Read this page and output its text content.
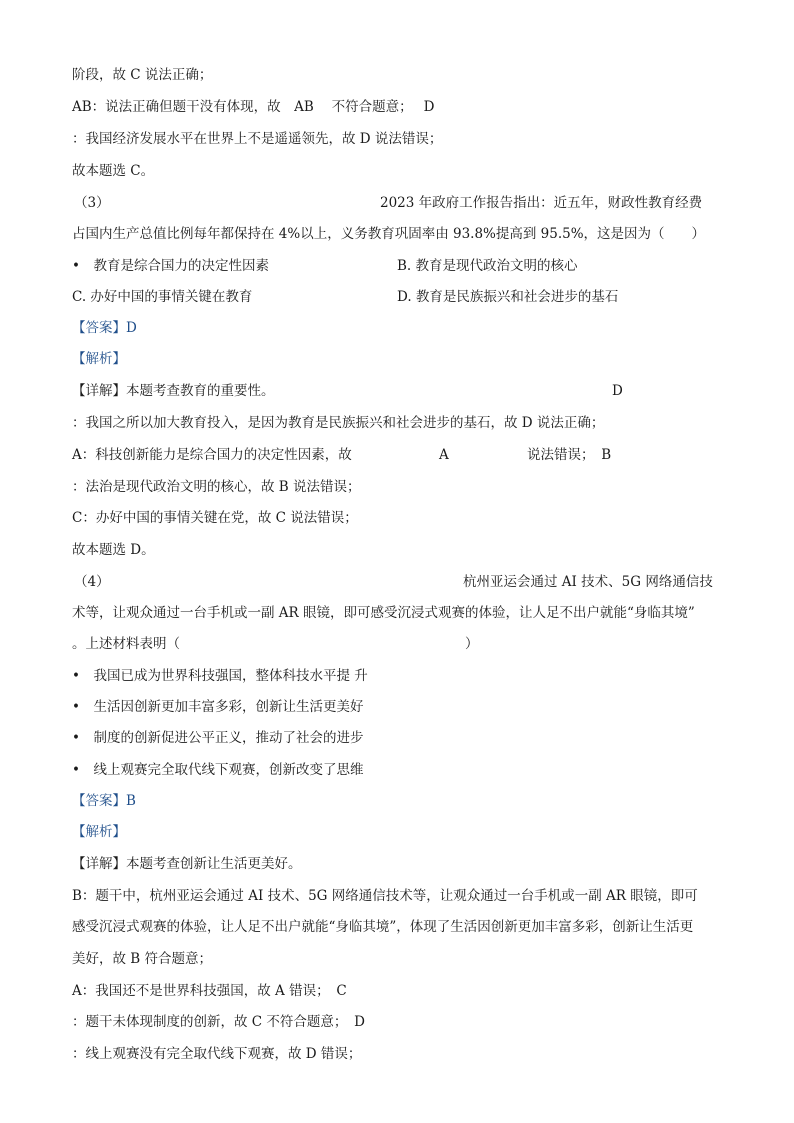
阶段，故 C 说法正确；
AB：说法正确但题干没有体现，故　AB　 不符合题意；　 D
：我国经济发展水平在世界上不是遥遥领先，故 D 说法错误；
故本题选 C。
（3）	2023 年政府工作报告指出：近五年，财政性教育经费
占国内生产总值比例每年都保持在 4%以上，义务教育巩固率由 93.8%提高到 95.5%，这是因为（　　）
•　教育是综合国力的决定性因素	B. 教育是现代政治文明的核心
C. 办好中国的事情关键在教育	D. 教育是民族振兴和社会进步的基石
【答案】D
【解析】
【详解】本题考查教育的重要性。	D
：我国之所以加大教育投入，是因为教育是民族振兴和社会进步的基石，故 D 说法正确；
A：科技创新能力是综合国力的决定性因素，故	A	说法错误；　B
：法治是现代政治文明的核心，故 B 说法错误；
C：办好中国的事情关键在党，故 C 说法错误；
故本题选 D。
（4）	杭州亚运会通过 AI 技术、5G 网络通信技
术等，让观众通过一台手机或一副 AR 眼镜，即可感受沉浸式观赛的体验，让人足不出户就能“身临其境”
。上述材料表明（	）
•　我国已成为世界科技强国，整体科技水平提 升
•　生活因创新更加丰富多彩，创新让生活更美好
•　制度的创新促进公平正义，推动了社会的进步
•　线上观赛完全取代线下观赛，创新改变了思维
【答案】B
【解析】
【详解】本题考查创新让生活更美好。
B：题干中，杭州亚运会通过 AI 技术、5G 网络通信技术等，让观众通过一台手机或一副 AR 眼镜，即可
感受沉浸式观赛的体验，让人足不出户就能“身临其境”，体现了生活因创新更加丰富多彩，创新让生活更
美好，故 B 符合题意；
A：我国还不是世界科技强国，故 A 错误；　C
：题干未体现制度的创新，故 C 不符合题意；　D
：线上观赛没有完全取代线下观赛，故 D 错误；
